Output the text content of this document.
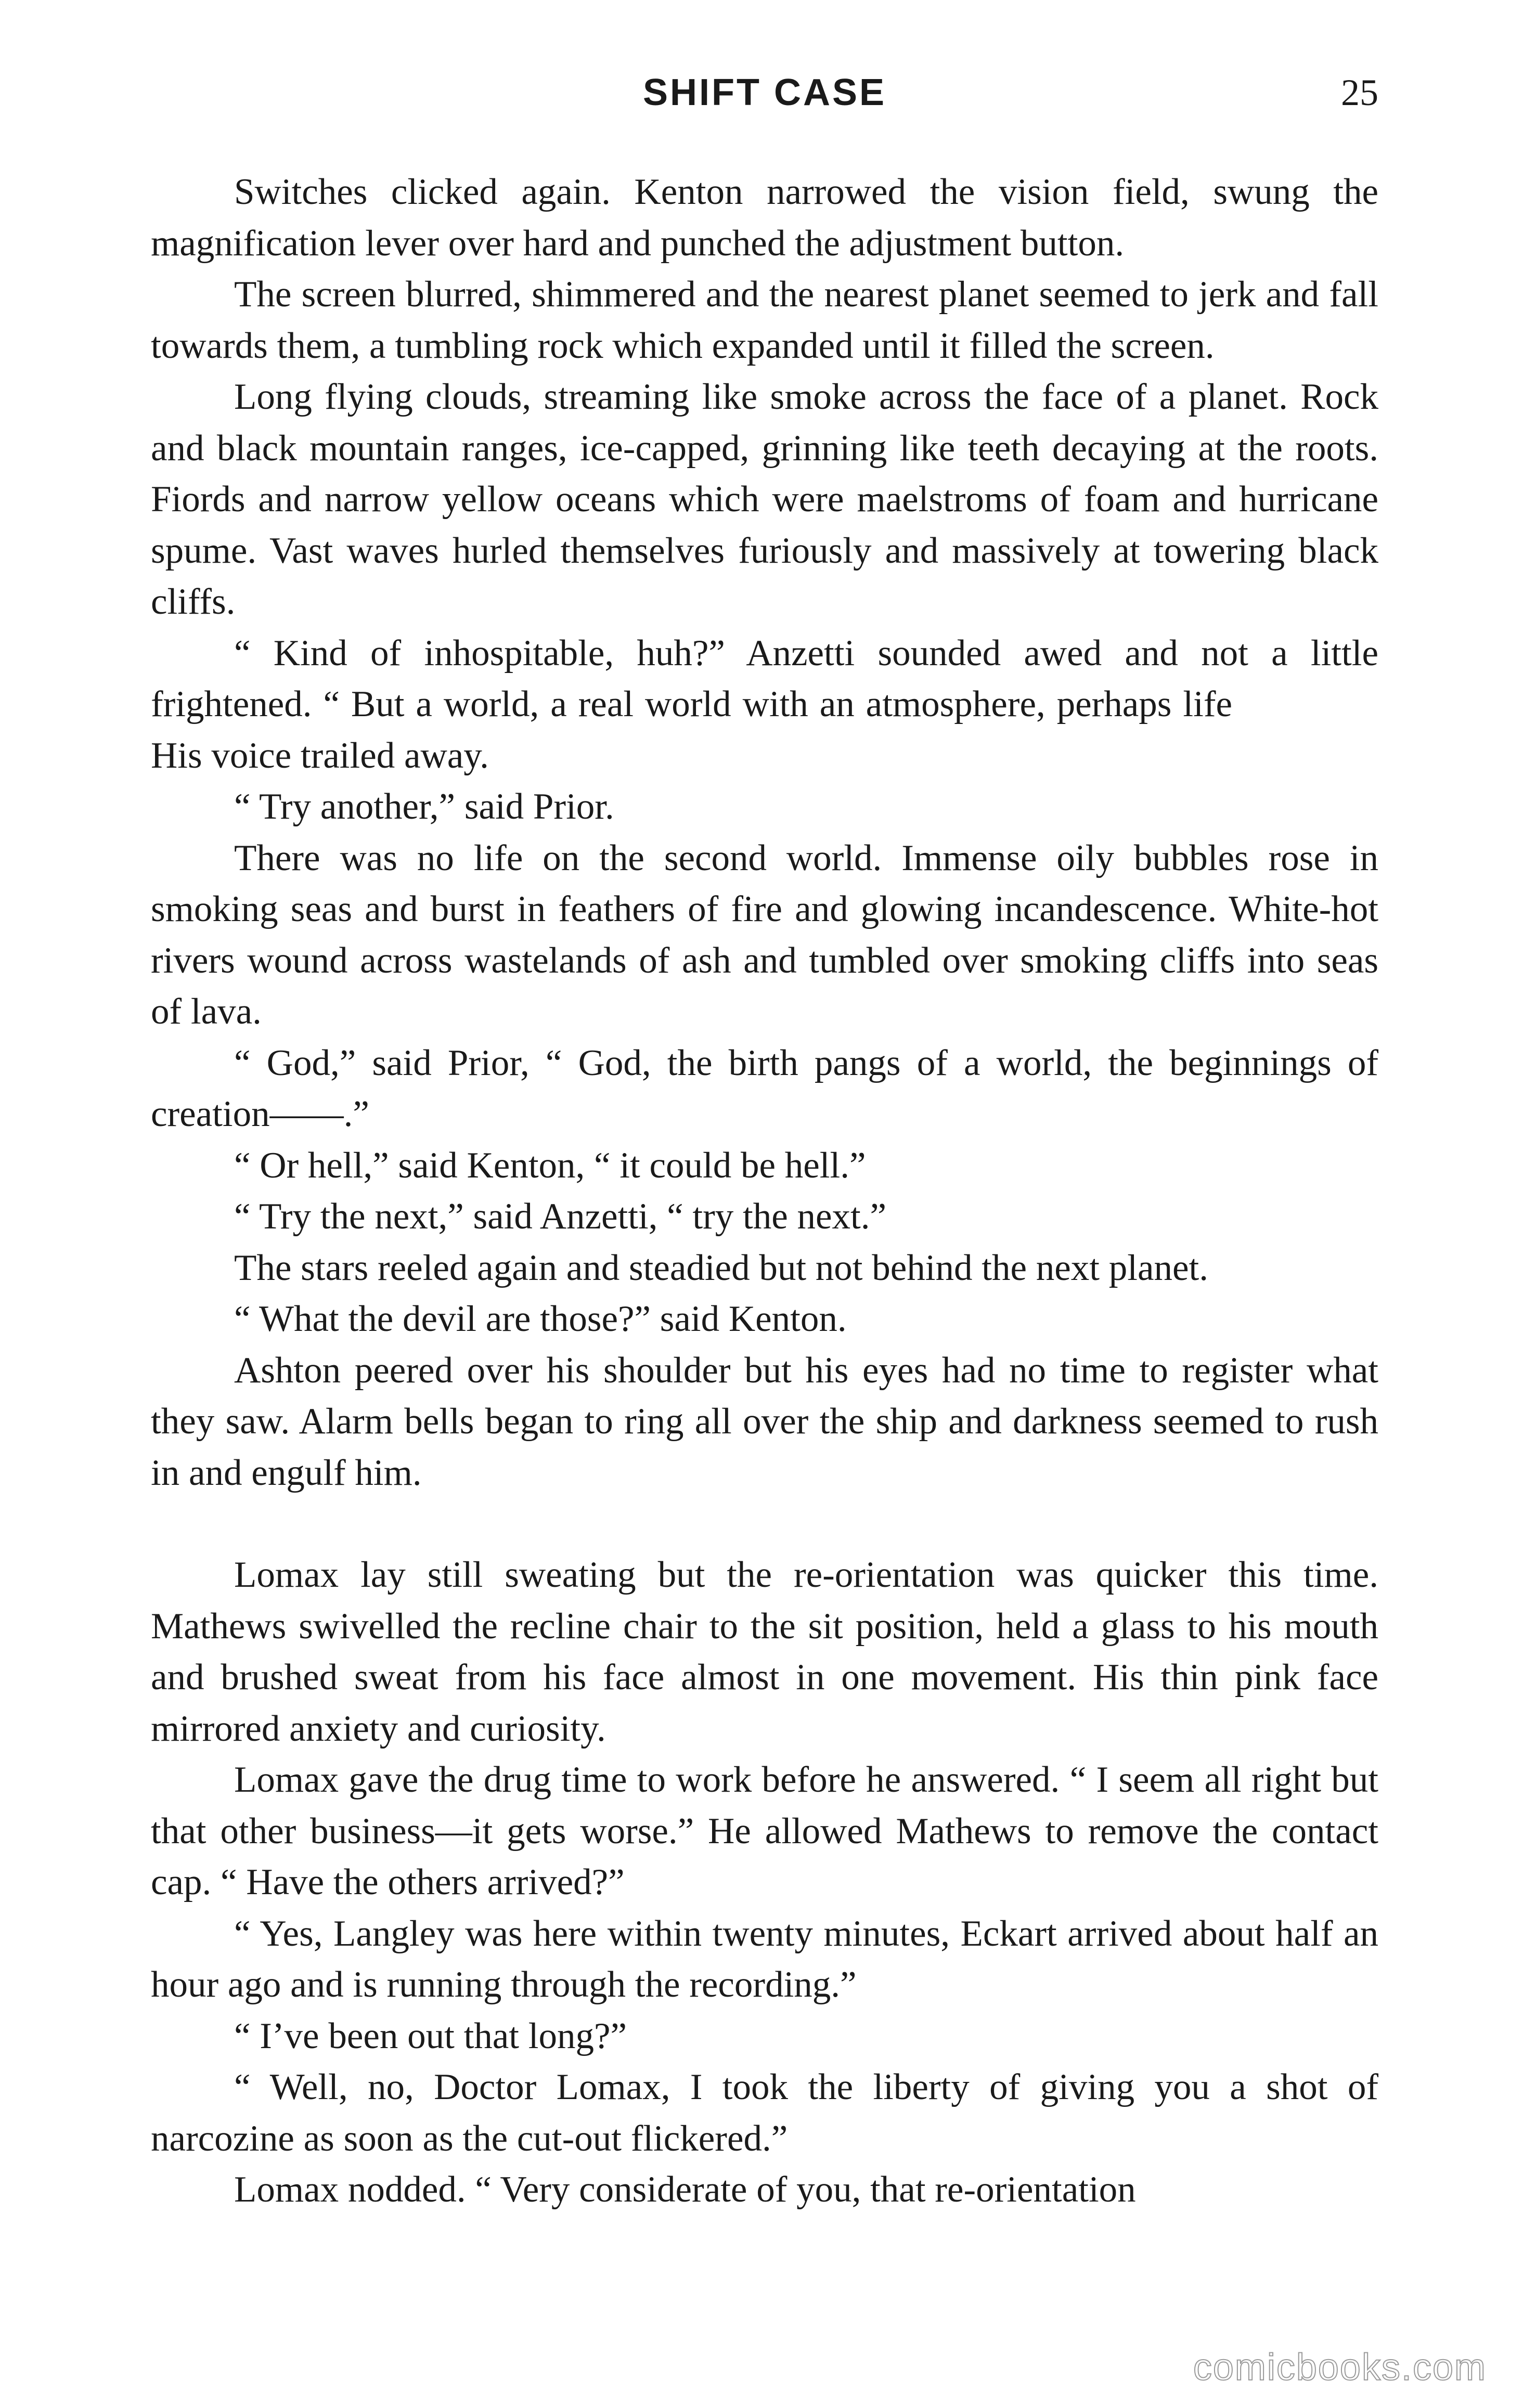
SHIFT CASE	25

Switches clicked again. Kenton narrowed the vision field, swung the magnification lever over hard and punched the adjustment button.

The screen blurred, shimmered and the nearest planet seemed to jerk and fall towards them, a tumbling rock which expanded until it filled the screen.

Long flying clouds, streaming like smoke across the face of a planet. Rock and black mountain ranges, ice-capped, grinning like teeth decaying at the roots. Fiords and narrow yellow oceans which were maelstroms of foam and hurricane spume. Vast waves hurled themselves furiously and massively at towering black cliffs.

“ Kind of inhospitable, huh?” Anzetti sounded awed and not a little frightened. “ But a world, a real world with an atmosphere, perhaps life              His voice trailed away.

“ Try another,” said Prior.

There was no life on the second world. Immense oily bubbles rose in smoking seas and burst in feathers of fire and glowing incandescence. White-hot rivers wound across wastelands of ash and tumbled over smoking cliffs into seas of lava.

“ God,” said Prior, “ God, the birth pangs of a world, the beginnings of creation——.”

“ Or hell,” said Kenton, “ it could be hell.”

“ Try the next,” said Anzetti, “ try the next.”

The stars reeled again and steadied but not behind the next planet.

“ What the devil are those?” said Kenton.

Ashton peered over his shoulder but his eyes had no time to register what they saw. Alarm bells began to ring all over the ship and darkness seemed to rush in and engulf him.

Lomax lay still sweating but the re-orientation was quicker this time. Mathews swivelled the recline chair to the sit position, held a glass to his mouth and brushed sweat from his face almost in one movement. His thin pink face mirrored anxiety and curiosity.

Lomax gave the drug time to work before he answered. “ I seem all right but that other business—it gets worse.” He allowed Mathews to remove the contact cap. “ Have the others arrived?”

“ Yes, Langley was here within twenty minutes, Eckart arrived about half an hour ago and is running through the recording.”

“ I’ve been out that long?”

“ Well, no, Doctor Lomax, I took the liberty of giving you a shot of narcozine as soon as the cut-out flickered.”

Lomax nodded. “ Very considerate of you, that re-orientation

comicbooks.com
